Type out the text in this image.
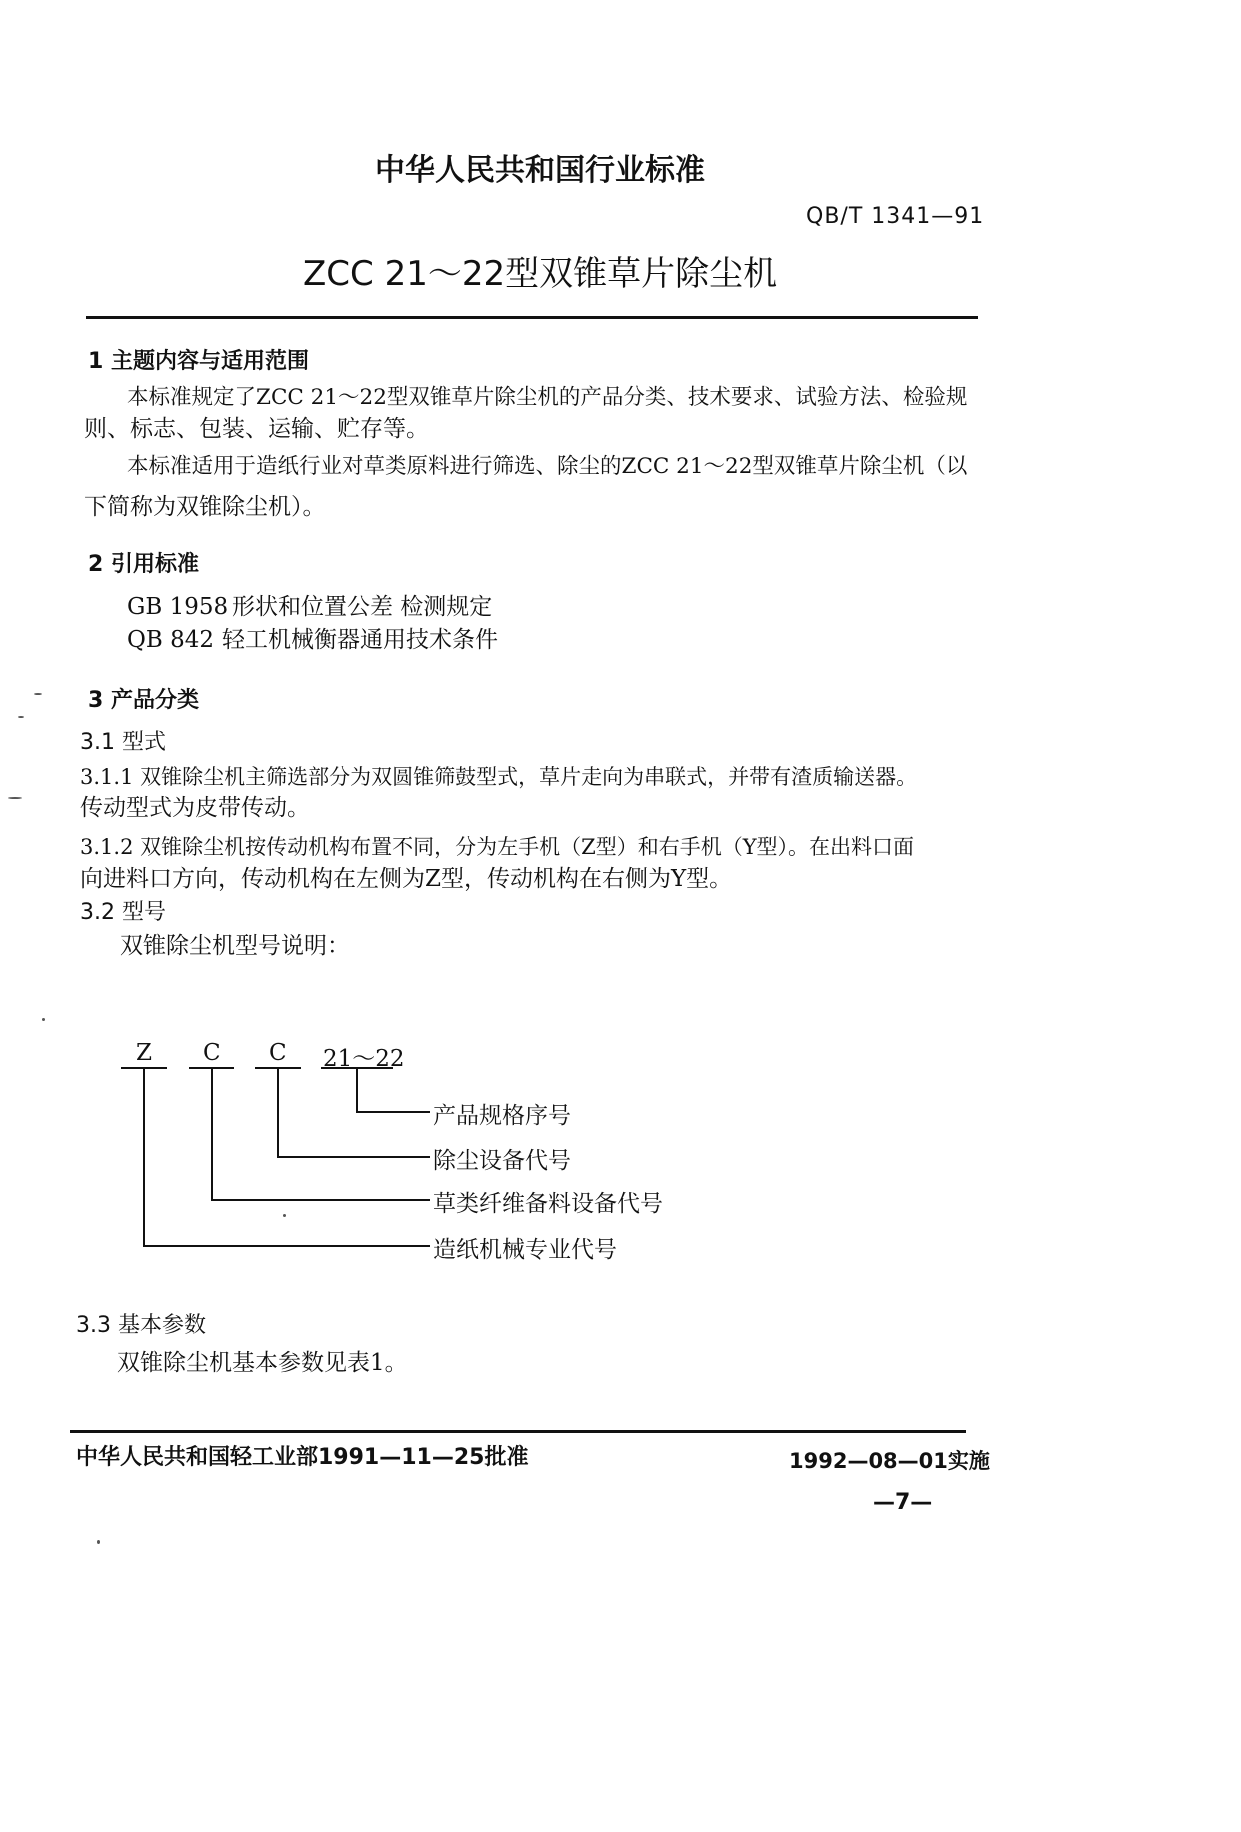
中华人民共和国行业标准
QB/T 1341—91
ZCC 21～22型双锥草片除尘机
1 主题内容与适用范围
本标准规定了ZCC 21～22型双锥草片除尘机的产品分类、技术要求、试验方法、检验规
则、标志、包装、运输、贮存等。
本标准适用于造纸行业对草类原料进行筛选、除尘的ZCC 21～22型双锥草片除尘机（以
下简称为双锥除尘机）。
2 引用标准
GB 1958 形状和位置公差 检测规定
QB 842 轻工机械衡器通用技术条件
3 产品分类
3.1 型式
3.1.1 双锥除尘机主筛选部分为双圆锥筛鼓型式，草片走向为串联式，并带有渣质输送器。
传动型式为皮带传动。
3.1.2 双锥除尘机按传动机构布置不同，分为左手机（Z型）和右手机（Y型）。在出料口面
向进料口方向，传动机构在左侧为Z型，传动机构在右侧为Y型。
3.2 型号
双锥除尘机型号说明：
Z C C 21～22
产品规格序号
除尘设备代号
草类纤维备料设备代号
造纸机械专业代号
3.3 基本参数
双锥除尘机基本参数见表1。
中华人民共和国轻工业部1991—11—25批准	1992—08—01实施
—7—
